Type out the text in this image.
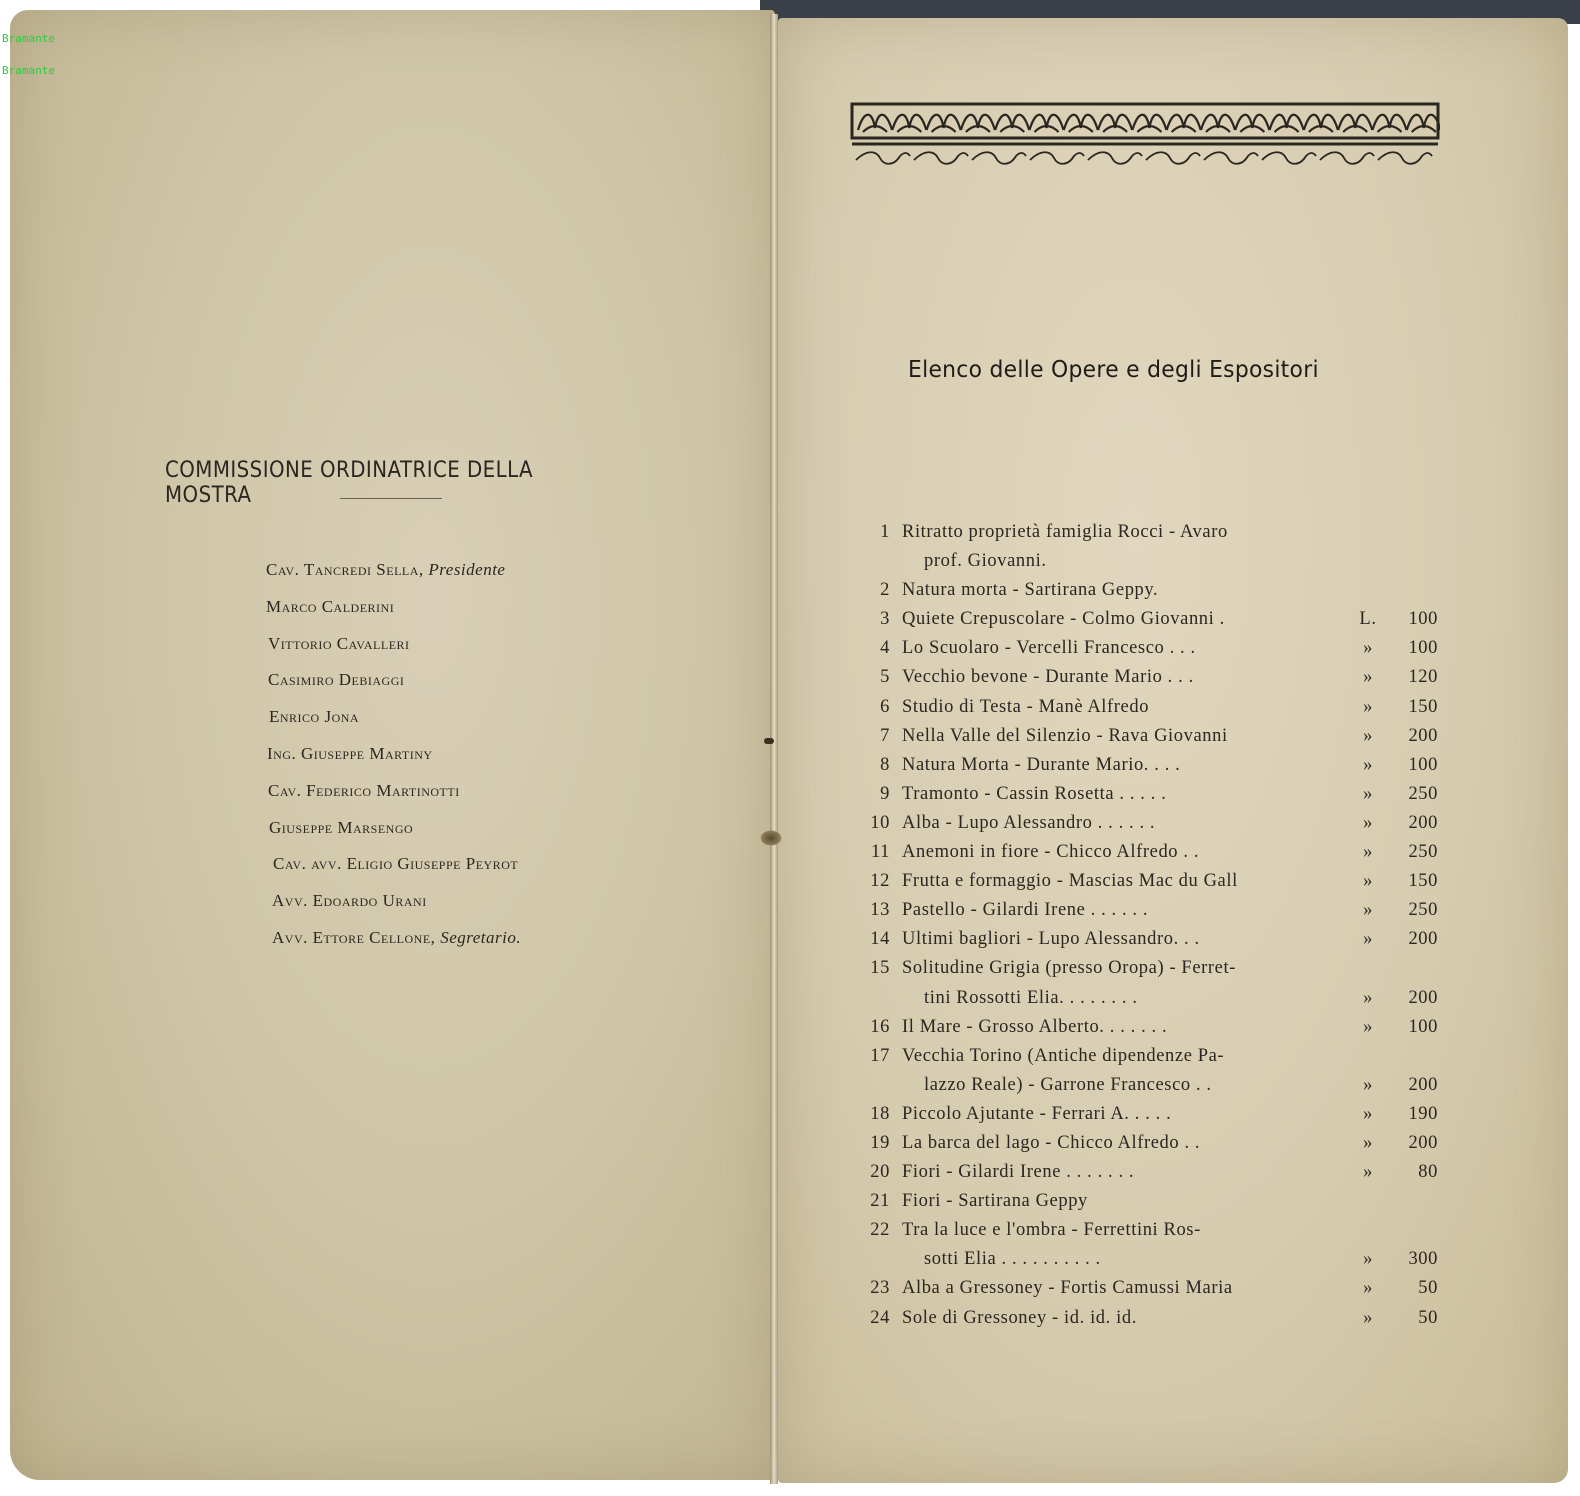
Bramante
Bramante
COMMISSIONE ORDINATRICE DELLA MOSTRA
Cav. Tancredi Sella, Presidente
Marco Calderini
Vittorio Cavalleri
Casimiro Debiaggi
Enrico Jona
Ing. Giuseppe Martiny
Cav. Federico Martinotti
Giuseppe Marsengo
Cav. avv. Eligio Giuseppe Peyrot
Avv. Edoardo Urani
Avv. Ettore Cellone, Segretario.
Elenco delle Opere e degli Espositori
1 Ritratto proprietà famiglia Rocci - Avaro
prof. Giovanni.
2 Natura morta - Sartirana Geppy.
3 Quiete Crepuscolare - Colmo Giovanni .	L.	100
4 Lo Scuolaro - Vercelli Francesco . . .	»	100
5 Vecchio bevone - Durante Mario . . .	»	120
6 Studio di Testa - Manè Alfredo	»	150
7 Nella Valle del Silenzio - Rava Giovanni	»	200
8 Natura Morta - Durante Mario. . . .	»	100
9 Tramonto - Cassin Rosetta . . . . .	»	250
10 Alba - Lupo Alessandro . . . . . .	»	200
11 Anemoni in fiore - Chicco Alfredo . .	»	250
12 Frutta e formaggio - Mascias Mac du Gall	»	150
13 Pastello - Gilardi Irene . . . . . .	»	250
14 Ultimi bagliori - Lupo Alessandro. . .	»	200
15 Solitudine Grigia (presso Oropa) - Ferret-
tini Rossotti Elia. . . . . . . .	»	200
16 Il Mare - Grosso Alberto. . . . . . .	»	100
17 Vecchia Torino (Antiche dipendenze Pa-
lazzo Reale) - Garrone Francesco . .	»	200
18 Piccolo Ajutante - Ferrari A. . . . .	»	190
19 La barca del lago - Chicco Alfredo . .	»	200
20 Fiori - Gilardi Irene . . . . . . .	»	80
21 Fiori - Sartirana Geppy
22 Tra la luce e l'ombra - Ferrettini Ros-
sotti Elia . . . . . . . . . .	»	300
23 Alba a Gressoney - Fortis Camussi Maria	»	50
24 Sole di Gressoney - id. id. id.	»	50
